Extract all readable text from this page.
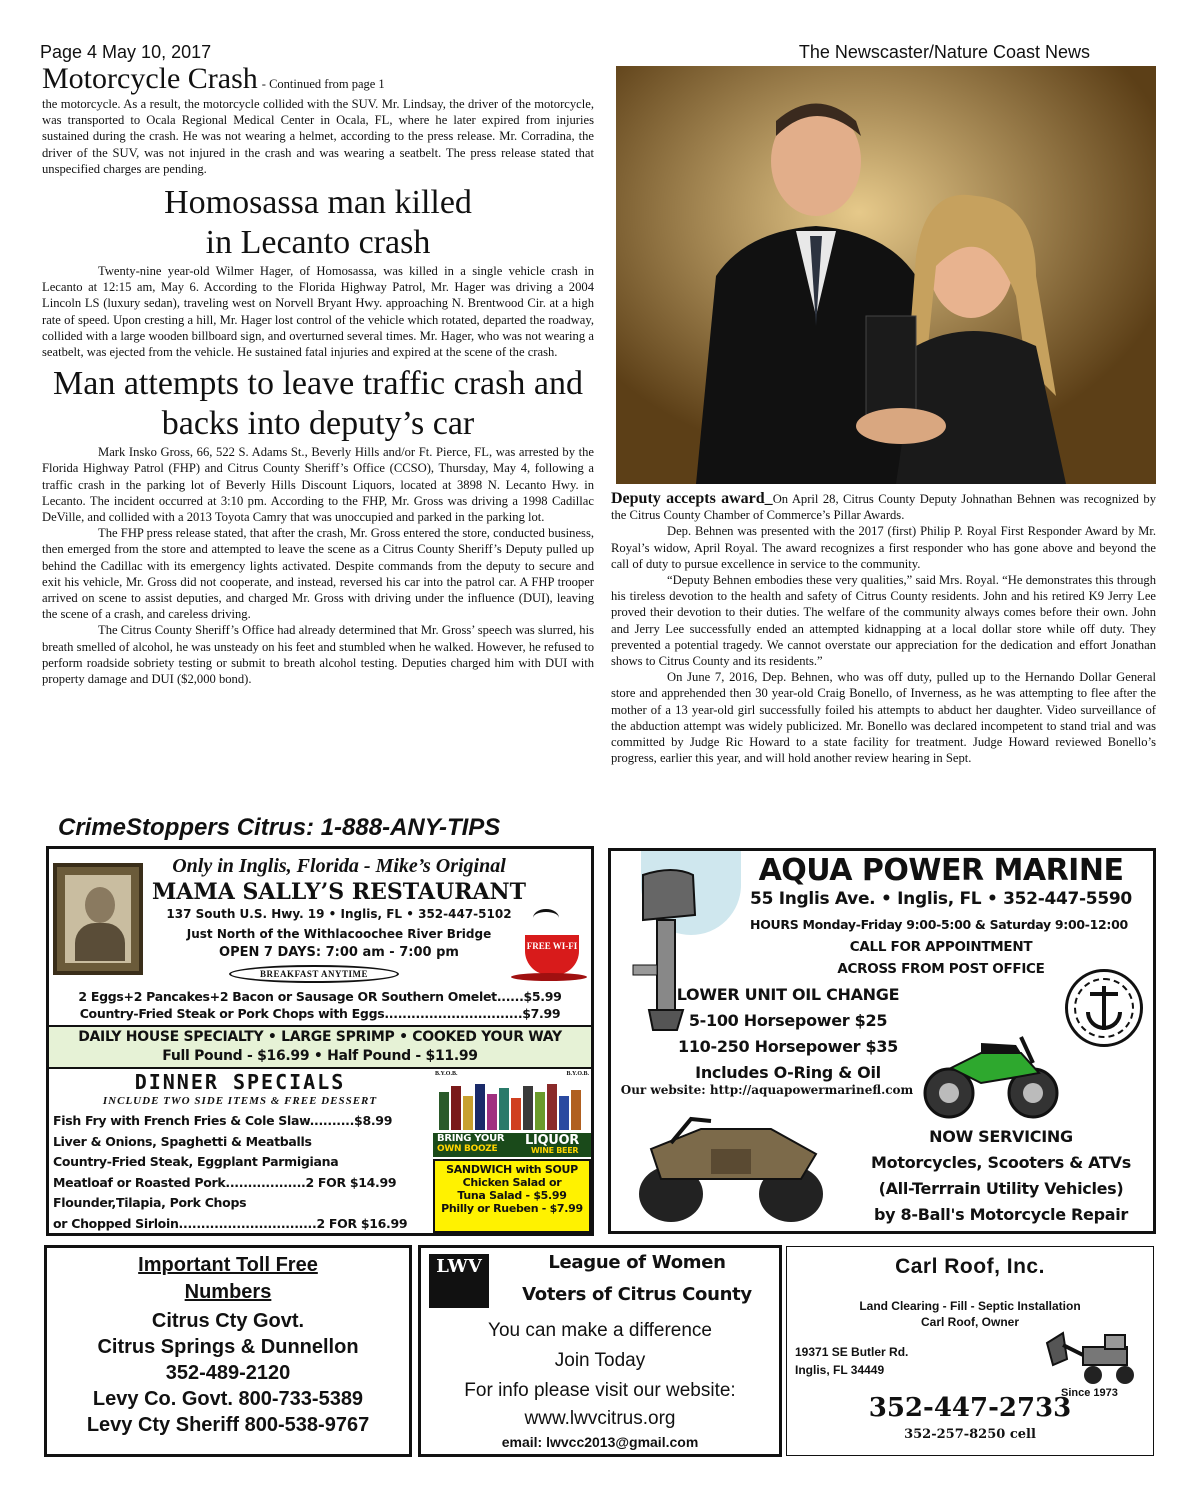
Page 4 May 10, 2017	The Newscaster/Nature Coast News
Motorcycle Crash - Continued from page 1

the motorcycle. As a result, the motorcycle collided with the SUV. Mr. Lindsay, the driver of the motorcycle, was transported to Ocala Regional Medical Center in Ocala, FL, where he later expired from injuries sustained during the crash. He was not wearing a helmet, according to the press release. Mr. Corradina, the driver of the SUV, was not injured in the crash and was wearing a seatbelt. The press release stated that unspecified charges are pending.

Homosassa man killed
in Lecanto crash

Twenty-nine year-old Wilmer Hager, of Homosassa, was killed in a single vehicle crash in Lecanto at 12:15 am, May 6. According to the Florida Highway Patrol, Mr. Hager was driving a 2004 Lincoln LS (luxury sedan), traveling west on Norvell Bryant Hwy. approaching N. Brentwood Cir. at a high rate of speed. Upon cresting a hill, Mr. Hager lost control of the vehicle which rotated, departed the roadway, collided with a large wooden billboard sign, and overturned several times. Mr. Hager, who was not wearing a seatbelt, was ejected from the vehicle. He sustained fatal injuries and expired at the scene of the crash.

Man attempts to leave traffic crash and
backs into deputy’s car

Mark Insko Gross, 66, 522 S. Adams St., Beverly Hills and/or Ft. Pierce, FL, was arrested by the Florida Highway Patrol (FHP) and Citrus County Sheriff’s Office (CCSO), Thursday, May 4, following a traffic crash in the parking lot of Beverly Hills Discount Liquors, located at 3898 N. Lecanto Hwy. in Lecanto. The incident occurred at 3:10 pm. According to the FHP, Mr. Gross was driving a 1998 Cadillac DeVille, and collided with a 2013 Toyota Camry that was unoccupied and parked in the parking lot.

The FHP press release stated, that after the crash, Mr. Gross entered the store, conducted business, then emerged from the store and attempted to leave the scene as a Citrus County Sheriff’s Deputy pulled up behind the Cadillac with its emergency lights activated. Despite commands from the deputy to secure and exit his vehicle, Mr. Gross did not cooperate, and instead, reversed his car into the patrol car. A FHP trooper arrived on scene to assist deputies, and charged Mr. Gross with driving under the influence (DUI), leaving the scene of a crash, and careless driving.

The Citrus County Sheriff’s Office had already determined that Mr. Gross’ speech was slurred, his breath smelled of alcohol, he was unsteady on his feet and stumbled when he walked. However, he refused to perform roadside sobriety testing or submit to breath alcohol testing. Deputies charged him with DUI with property damage and DUI ($2,000 bond).

CrimeStoppers Citrus: 1-888-ANY-TIPS

Deputy accepts award_On April 28, Citrus County Deputy Johnathan Behnen was recognized by the Citrus County Chamber of Commerce’s Pillar Awards.

Dep. Behnen was presented with the 2017 (first) Philip P. Royal First Responder Award by Mr. Royal’s widow, April Royal. The award recognizes a first responder who has gone above and beyond the call of duty to pursue excellence in service to the community.

“Deputy Behnen embodies these very qualities,” said Mrs. Royal. “He demonstrates this through his tireless devotion to the health and safety of Citrus County residents. John and his retired K9 Jerry Lee proved their devotion to their duties. The welfare of the community always comes before their own. John and Jerry Lee successfully ended an attempted kidnapping at a local dollar store while off duty. They prevented a potential tragedy. We cannot overstate our appreciation for the dedication and effort Jonathan shows to Citrus County and its residents.”

On June 7, 2016, Dep. Behnen, who was off duty, pulled up to the Hernando Dollar General store and apprehended then 30 year-old Craig Bonello, of Inverness, as he was attempting to flee after the mother of a 13 year-old girl successfully foiled his attempts to abduct her daughter. Video surveillance of the abduction attempt was widely publicized. Mr. Bonello was declared incompetent to stand trial and was committed by Judge Ric Howard to a state facility for treatment. Judge Howard reviewed Bonello’s progress, earlier this year, and will hold another review hearing in Sept.

Only in Inglis, Florida - Mike’s Original
MAMA SALLY’S RESTAURANT
137 South U.S. Hwy. 19 • Inglis, FL • 352-447-5102
Just North of the Withlacoochee River Bridge
OPEN 7 DAYS: 7:00 am - 7:00 pm
BREAKFAST ANYTIME
FREE WI-FI
2 Eggs+2 Pancakes+2 Bacon or Sausage OR Southern Omelet......$5.99
Country-Fried Steak or Pork Chops with Eggs...............................$7.99
DAILY HOUSE SPECIALTY • LARGE SPRIMP • COOKED YOUR WAY
Full Pound - $16.99 • Half Pound - $11.99
DINNER SPECIALS
INCLUDE TWO SIDE ITEMS & FREE DESSERT
Fish Fry with French Fries & Cole Slaw..........$8.99
Liver & Onions, Spaghetti & Meatballs
Country-Fried Steak, Eggplant Parmigiana
Meatloaf or Roasted Pork..................2 FOR $14.99
Flounder,Tilapia, Pork Chops
or Chopped Sirloin...............................2 FOR $16.99
B.Y.O.B.	B.Y.O.B.
BRING YOUR
OWN BOOZE
LIQUOR
WINE BEER
SANDWICH with SOUP
Chicken Salad or
Tuna Salad - $5.99
Philly or Rueben - $7.99
AQUA POWER MARINE
55 Inglis Ave. • Inglis, FL • 352-447-5590
HOURS Monday-Friday 9:00-5:00 & Saturday 9:00-12:00
CALL FOR APPOINTMENT
ACROSS FROM POST OFFICE
LOWER UNIT OIL CHANGE
5-100 Horsepower $25
110-250 Horsepower $35
Includes O-Ring & Oil
Our website: http://aquapowermarinefl.com
NOW SERVICING
Motorcycles, Scooters & ATVs
(All-Terrrain Utility Vehicles)
by 8-Ball's Motorcycle Repair
Important Toll Free
Numbers
Citrus Cty Govt.
Citrus Springs & Dunnellon
352-489-2120
Levy Co. Govt. 800-733-5389
Levy Cty Sheriff 800-538-9767
LWV	League of Women
Voters of Citrus County
You can make a difference
Join Today
For info please visit our website:
www.lwvcitrus.org
email: lwvcc2013@gmail.com
Carl Roof, Inc.
Land Clearing - Fill - Septic Installation
Carl Roof, Owner
19371 SE Butler Rd.
Inglis, FL 34449
Since 1973
352-447-2733
352-257-8250 cell
